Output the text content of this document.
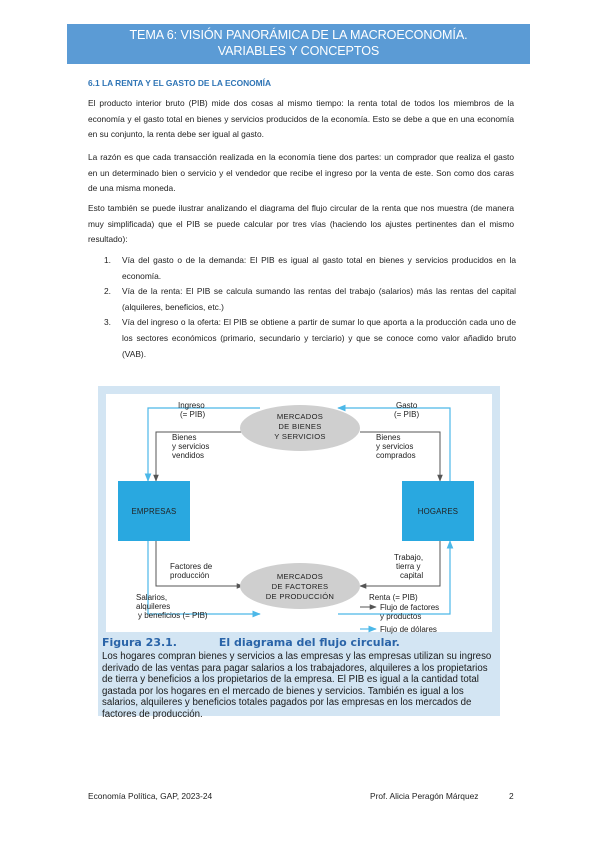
TEMA 6: VISIÓN PANORÁMICA DE LA MACROECONOMÍA.
VARIABLES Y CONCEPTOS
6.1 LA RENTA Y EL GASTO DE LA ECONOMÍA

El producto interior bruto (PIB) mide dos cosas al mismo tiempo: la renta total de todos los miembros de la economía y el gasto total en bienes y servicios producidos de la economía. Esto se debe a que en una economía en su conjunto, la renta debe ser igual al gasto.

La razón es que cada transacción realizada en la economía tiene dos partes: un comprador que realiza el gasto en un determinado bien o servicio y el vendedor que recibe el ingreso por la venta de este. Son como dos caras de una misma moneda.

Esto también se puede ilustrar analizando el diagrama del flujo circular de la renta que nos muestra (de manera muy simplificada) que el PIB se puede calcular por tres vías (haciendo los ajustes pertinentes dan el mismo resultado):

1. Vía del gasto o de la demanda: El PIB es igual al gasto total en bienes y servicios producidos en la economía.
2. Vía de la renta: El PIB se calcula sumando las rentas del trabajo (salarios) más las rentas del capital (alquileres, beneficios, etc.)
3. Vía del ingreso o la oferta: El PIB se obtiene a partir de sumar lo que aporta a la producción cada uno de los sectores económicos (primario, secundario y terciario) y que se conoce como valor añadido bruto (VAB).
MERCADOS
DE BIENES
Y SERVICIOS
MERCADOS
DE FACTORES
DE PRODUCCIÓN
EMPRESAS	HOGARES
Ingreso
(= PIB)
Gasto
(= PIB)
Bienes
y servicios
vendidos
Bienes
y servicios
comprados
Factores de
producción
Trabajo,
tierra y
capital
Salarios,
alquileres
y beneficios (= PIB)
Renta (= PIB)
Flujo de factores
y productos
Flujo de dólares
Figura 23.1.	El diagrama del flujo circular.
Los hogares compran bienes y servicios a las empresas y las empresas utilizan su ingreso derivado de las ventas para pagar salarios a los trabajadores, alquileres a los propietarios de tierra y beneficios a los propietarios de la empresa. El PIB es igual a la cantidad total gastada por los hogares en el mercado de bienes y servicios. También es igual a los salarios, alquileres y beneficios totales pagados por las empresas en los mercados de factores de producción.
Economía Política, GAP, 2023-24	Prof. Alicia Peragón Márquez	2
